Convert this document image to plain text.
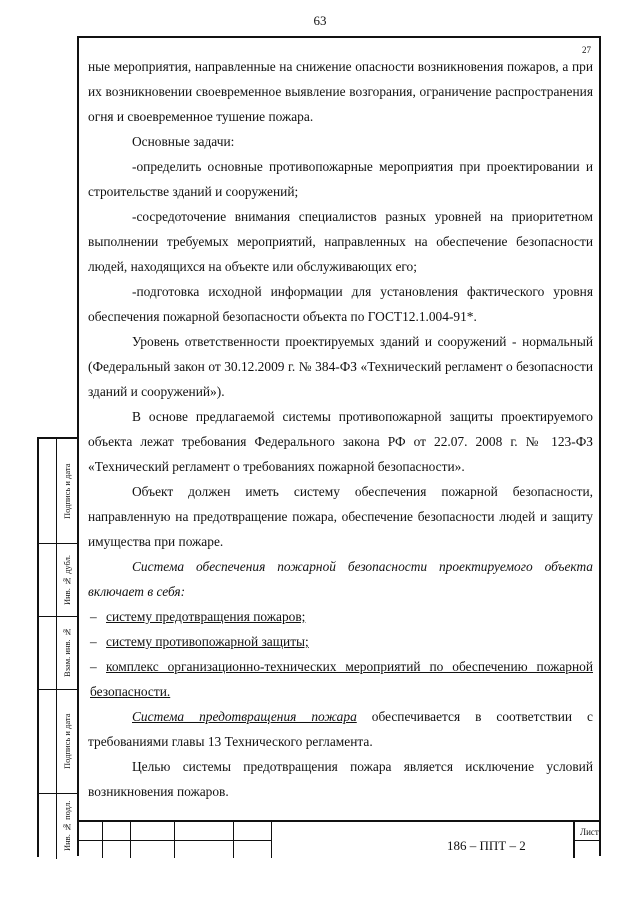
63
27

ные мероприятия, направленные на снижение опасности возникновения пожаров, а при их возникновении своевременное выявление возгорания, ограничение распространения огня и своевременное тушение пожара.

Основные задачи:

-определить основные противопожарные мероприятия при проектировании и строительстве зданий и сооружений;

-сосредоточение внимания специалистов разных уровней на приоритетном выполнении требуемых мероприятий, направленных на обеспечение безопасности людей, находящихся на объекте или обслуживающих его;

-подготовка исходной информации для установления фактического уровня обеспечения пожарной безопасности объекта по ГОСТ12.1.004-91*.

Уровень ответственности проектируемых зданий и сооружений - нормальный (Федеральный закон от 30.12.2009 г. № 384-ФЗ «Технический регламент о безопасности зданий и сооружений»).

В основе предлагаемой системы противопожарной защиты проектируемого объекта лежат требования Федерального закона РФ от 22.07. 2008 г. № 123-ФЗ «Технический регламент о требованиях пожарной безопасности».

Объект должен иметь систему обеспечения пожарной безопасности, направленную на предотвращение пожара, обеспечение безопасности людей и защиту имущества при пожаре.

Система обеспечения пожарной безопасности проектируемого объекта включает в себя:

– систему предотвращения пожаров;

– систему противопожарной защиты;

– комплекс организационно-технических мероприятий по обеспечению пожарной безопасности.

Система предотвращения пожара обеспечивается в соответствии с требованиями главы 13 Технического регламента.

Целью системы предотвращения пожара является исключение условий возникновения пожаров.

Подпись и дата
Инв. № дубл.
Взам. инв. №
Подпись и дата
Инв. № подл.	Лист
186 – ППТ – 2
